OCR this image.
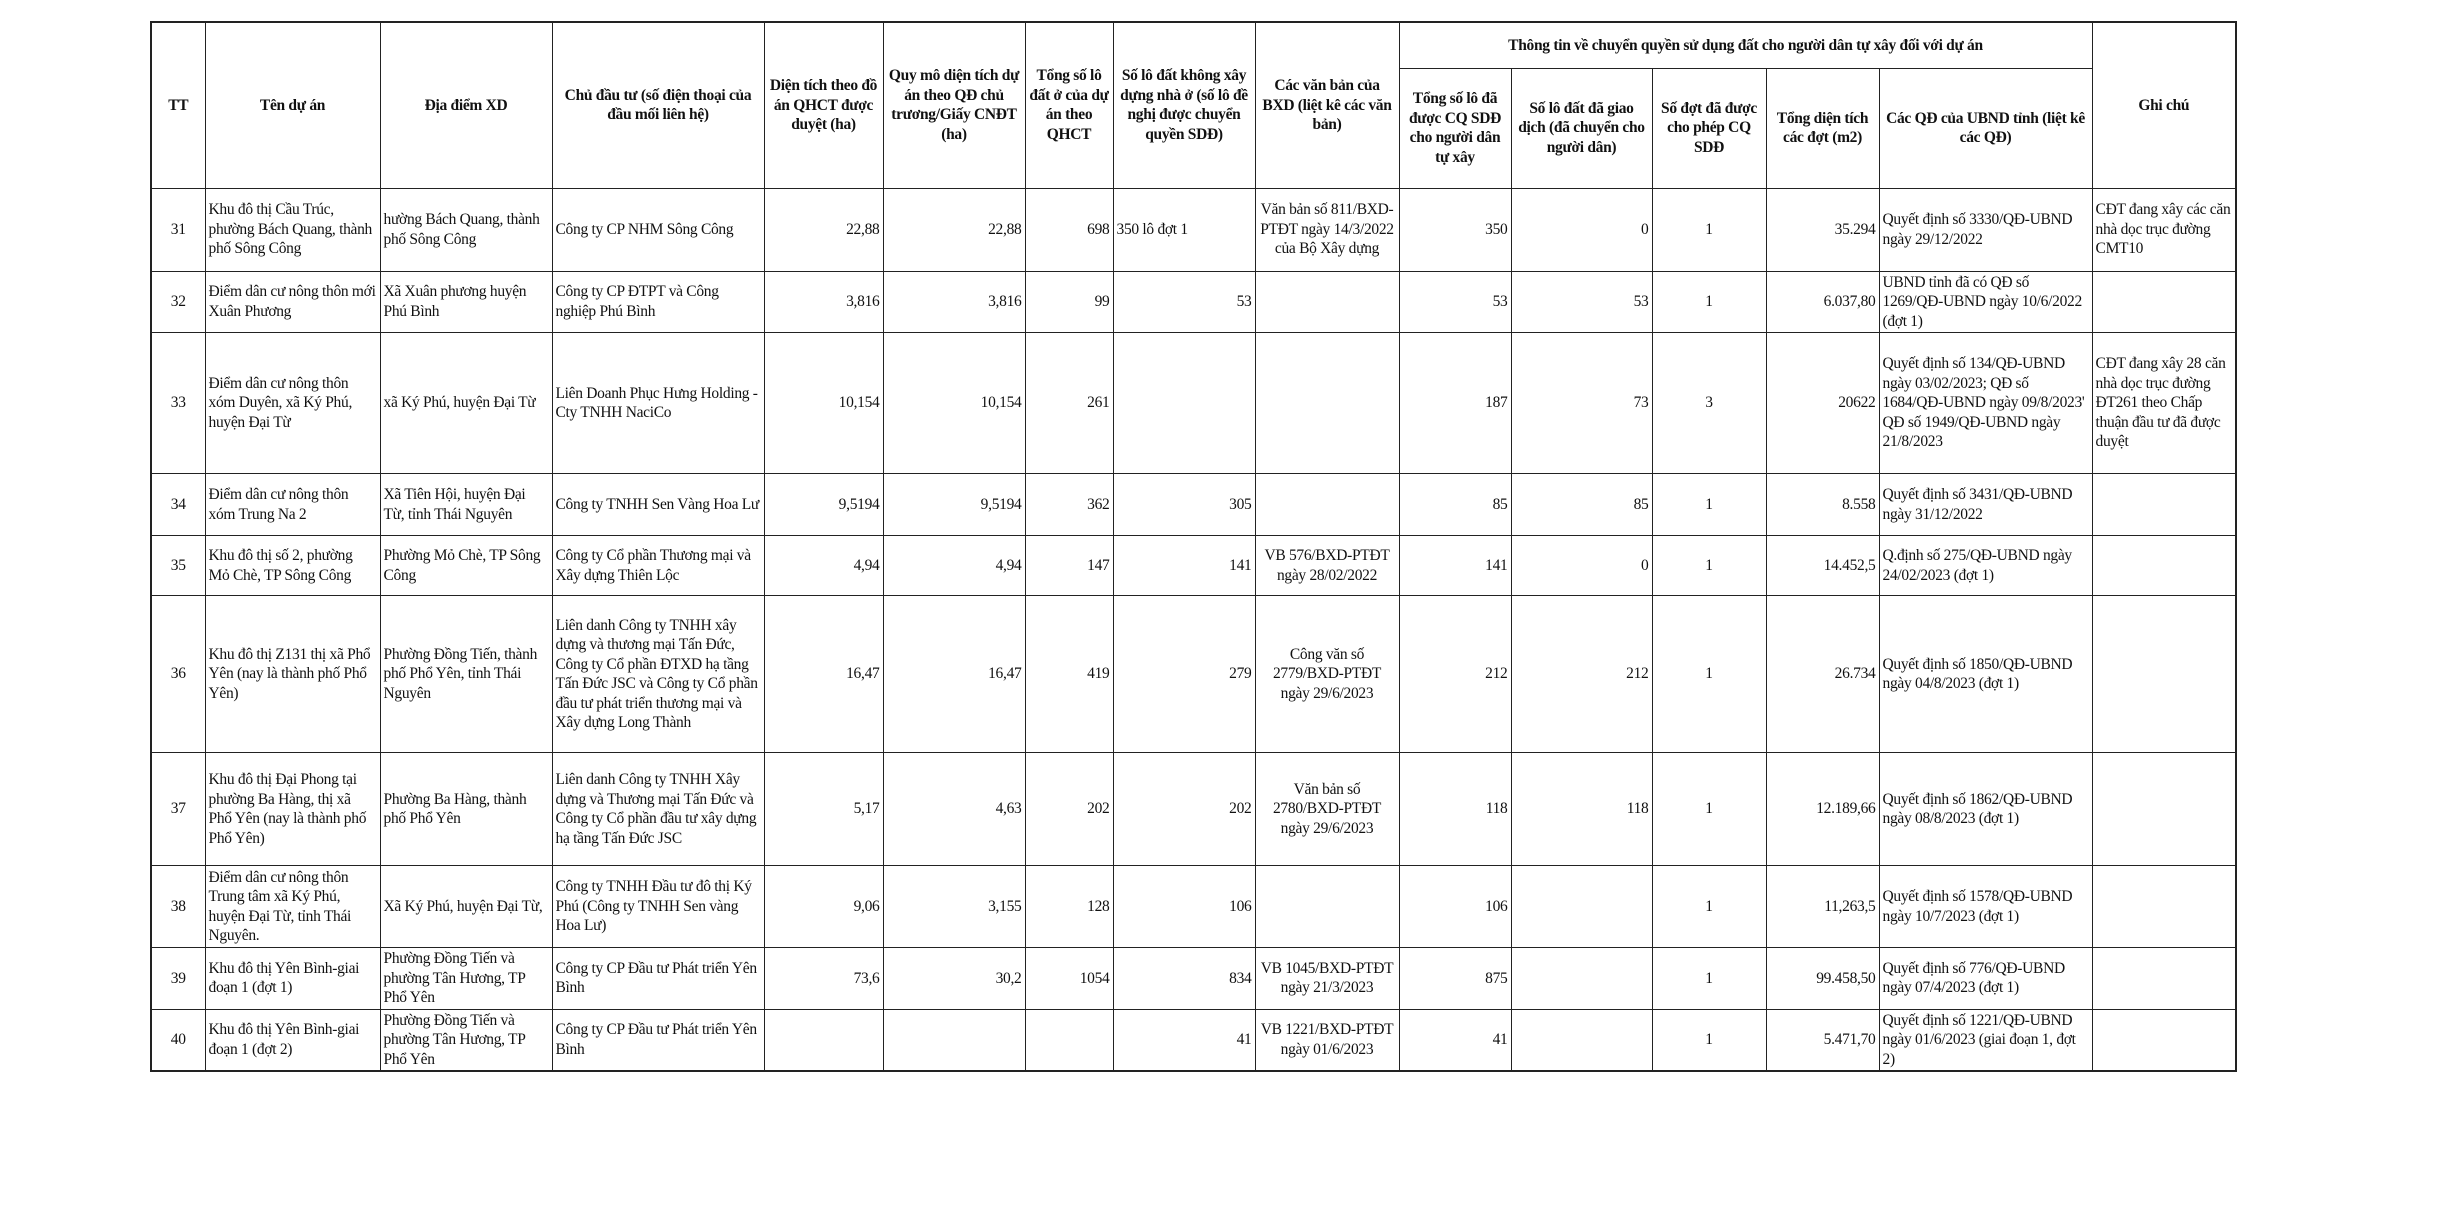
TT	Tên dự án	Địa điểm XD	Chủ đầu tư (số điện thoại của đầu mối liên hệ)	Diện tích theo đồ án QHCT được duyệt (ha)	Quy mô diện tích dự án theo QĐ chủ trương/Giấy CNĐT (ha)	Tổng số lô đất ở của dự án theo QHCT	Số lô đất không xây dựng nhà ở (số lô đề nghị được chuyển quyền SDĐ)	Các văn bản của BXD (liệt kê các văn bản)	Thông tin về chuyển quyền sử dụng đất cho người dân tự xây đối với dự án					Ghi chú
									Tổng số lô đã được CQ SDĐ cho người dân tự xây	Số lô đất đã giao dịch (đã chuyển cho người dân)	Số đợt đã được cho phép CQ SDĐ	Tổng diện tích các đợt (m2)	Các QĐ của UBND tỉnh (liệt kê các QĐ)	
31	Khu đô thị Cầu Trúc, phường Bách Quang, thành phố Sông Công	hường Bách Quang, thành phố Sông Công	Công ty CP NHM Sông Công	22,88	22,88	698	350 lô đợt 1	Văn bản số 811/BXD-PTĐT ngày 14/3/2022 của Bộ Xây dựng	350	0	1	35.294	Quyết định số 3330/QĐ-UBND ngày 29/12/2022	CĐT đang xây các căn nhà dọc trục đường CMT10
32	Điểm dân cư nông thôn mới Xuân Phương	Xã Xuân phương huyện Phú Bình	Công ty CP ĐTPT và Công nghiệp Phú Bình	3,816	3,816	99	53		53	53	1	6.037,80	UBND tỉnh đã có QĐ số 1269/QĐ-UBND ngày 10/6/2022 (đợt 1)	
33	Điểm dân cư nông thôn xóm Duyên, xã Ký Phú, huyện Đại Từ	xã Ký Phú, huyện Đại Từ	Liên Doanh Phục Hưng Holding - Cty TNHH NaciCo	10,154	10,154	261			187	73	3	20622	Quyết định số 134/QĐ-UBND ngày 03/02/2023; QĐ số 1684/QĐ-UBND ngày 09/8/2023' QĐ số 1949/QĐ-UBND ngày 21/8/2023	CĐT đang xây 28 căn nhà dọc trục đường ĐT261 theo Chấp thuận đầu tư đã được duyệt
34	Điểm dân cư nông thôn xóm Trung Na 2	Xã Tiên Hội, huyện Đại Từ, tỉnh Thái Nguyên	Công ty TNHH Sen Vàng Hoa Lư	9,5194	9,5194	362	305		85	85	1	8.558	Quyết định số 3431/QĐ-UBND ngày 31/12/2022	
35	Khu đô thị số 2, phường Mỏ Chè, TP Sông Công	Phường Mỏ Chè, TP Sông Công	Công ty Cổ phần Thương mại và Xây dựng Thiên Lộc	4,94	4,94	147	141	VB 576/BXD-PTĐT ngày 28/02/2022	141	0	1	14.452,5	Q.định số 275/QĐ-UBND ngày 24/02/2023 (đợt 1)	
36	Khu đô thị Z131 thị xã Phổ Yên (nay là thành phố Phổ Yên)	Phường Đồng Tiến, thành phố Phổ Yên, tỉnh Thái Nguyên	Liên danh Công ty TNHH xây dựng và thương mại Tấn Đức, Công ty Cổ phần ĐTXD hạ tầng Tấn Đức JSC và Công ty Cổ phần đầu tư phát triển thương mại và Xây dựng Long Thành	16,47	16,47	419	279	Công văn số 2779/BXD-PTĐT ngày 29/6/2023	212	212	1	26.734	Quyết định số 1850/QĐ-UBND ngày 04/8/2023 (đợt 1)	
37	Khu đô thị Đại Phong tại phường Ba Hàng, thị xã Phổ Yên (nay là thành phố Phổ Yên)	Phường Ba Hàng, thành phố Phổ Yên	Liên danh Công ty TNHH Xây dựng và Thương mại Tấn Đức và Công ty Cổ phần đầu tư xây dựng hạ tầng Tấn Đức JSC	5,17	4,63	202	202	Văn bản số 2780/BXD-PTĐT ngày 29/6/2023	118	118	1	12.189,66	Quyết định số 1862/QĐ-UBND ngày 08/8/2023 (đợt 1)	
38	Điểm dân cư nông thôn Trung tâm xã Ký Phú, huyện Đại Từ, tỉnh Thái Nguyên.	Xã Ký Phú, huyện Đại Từ,	Công ty TNHH Đầu tư đô thị Ký Phú (Công ty TNHH Sen vàng Hoa Lư)	9,06	3,155	128	106		106		1	11,263,5	Quyết định số 1578/QĐ-UBND ngày 10/7/2023 (đợt 1)	
39	Khu đô thị Yên Bình-giai đoạn 1 (đợt 1)	Phường Đồng Tiến và phường Tân Hương, TP Phổ Yên	Công ty CP Đầu tư Phát triển Yên Bình	73,6	30,2	1054	834	VB 1045/BXD-PTĐT ngày 21/3/2023	875		1	99.458,50	Quyết định số 776/QĐ-UBND ngày 07/4/2023 (đợt 1)	
40	Khu đô thị Yên Bình-giai đoạn 1 (đợt 2)	Phường Đồng Tiến và phường Tân Hương, TP Phổ Yên	Công ty CP Đầu tư Phát triển Yên Bình				41	VB 1221/BXD-PTĐT ngày 01/6/2023	41		1	5.471,70	Quyết định số 1221/QĐ-UBND ngày 01/6/2023 (giai đoạn 1, đợt 2)	
